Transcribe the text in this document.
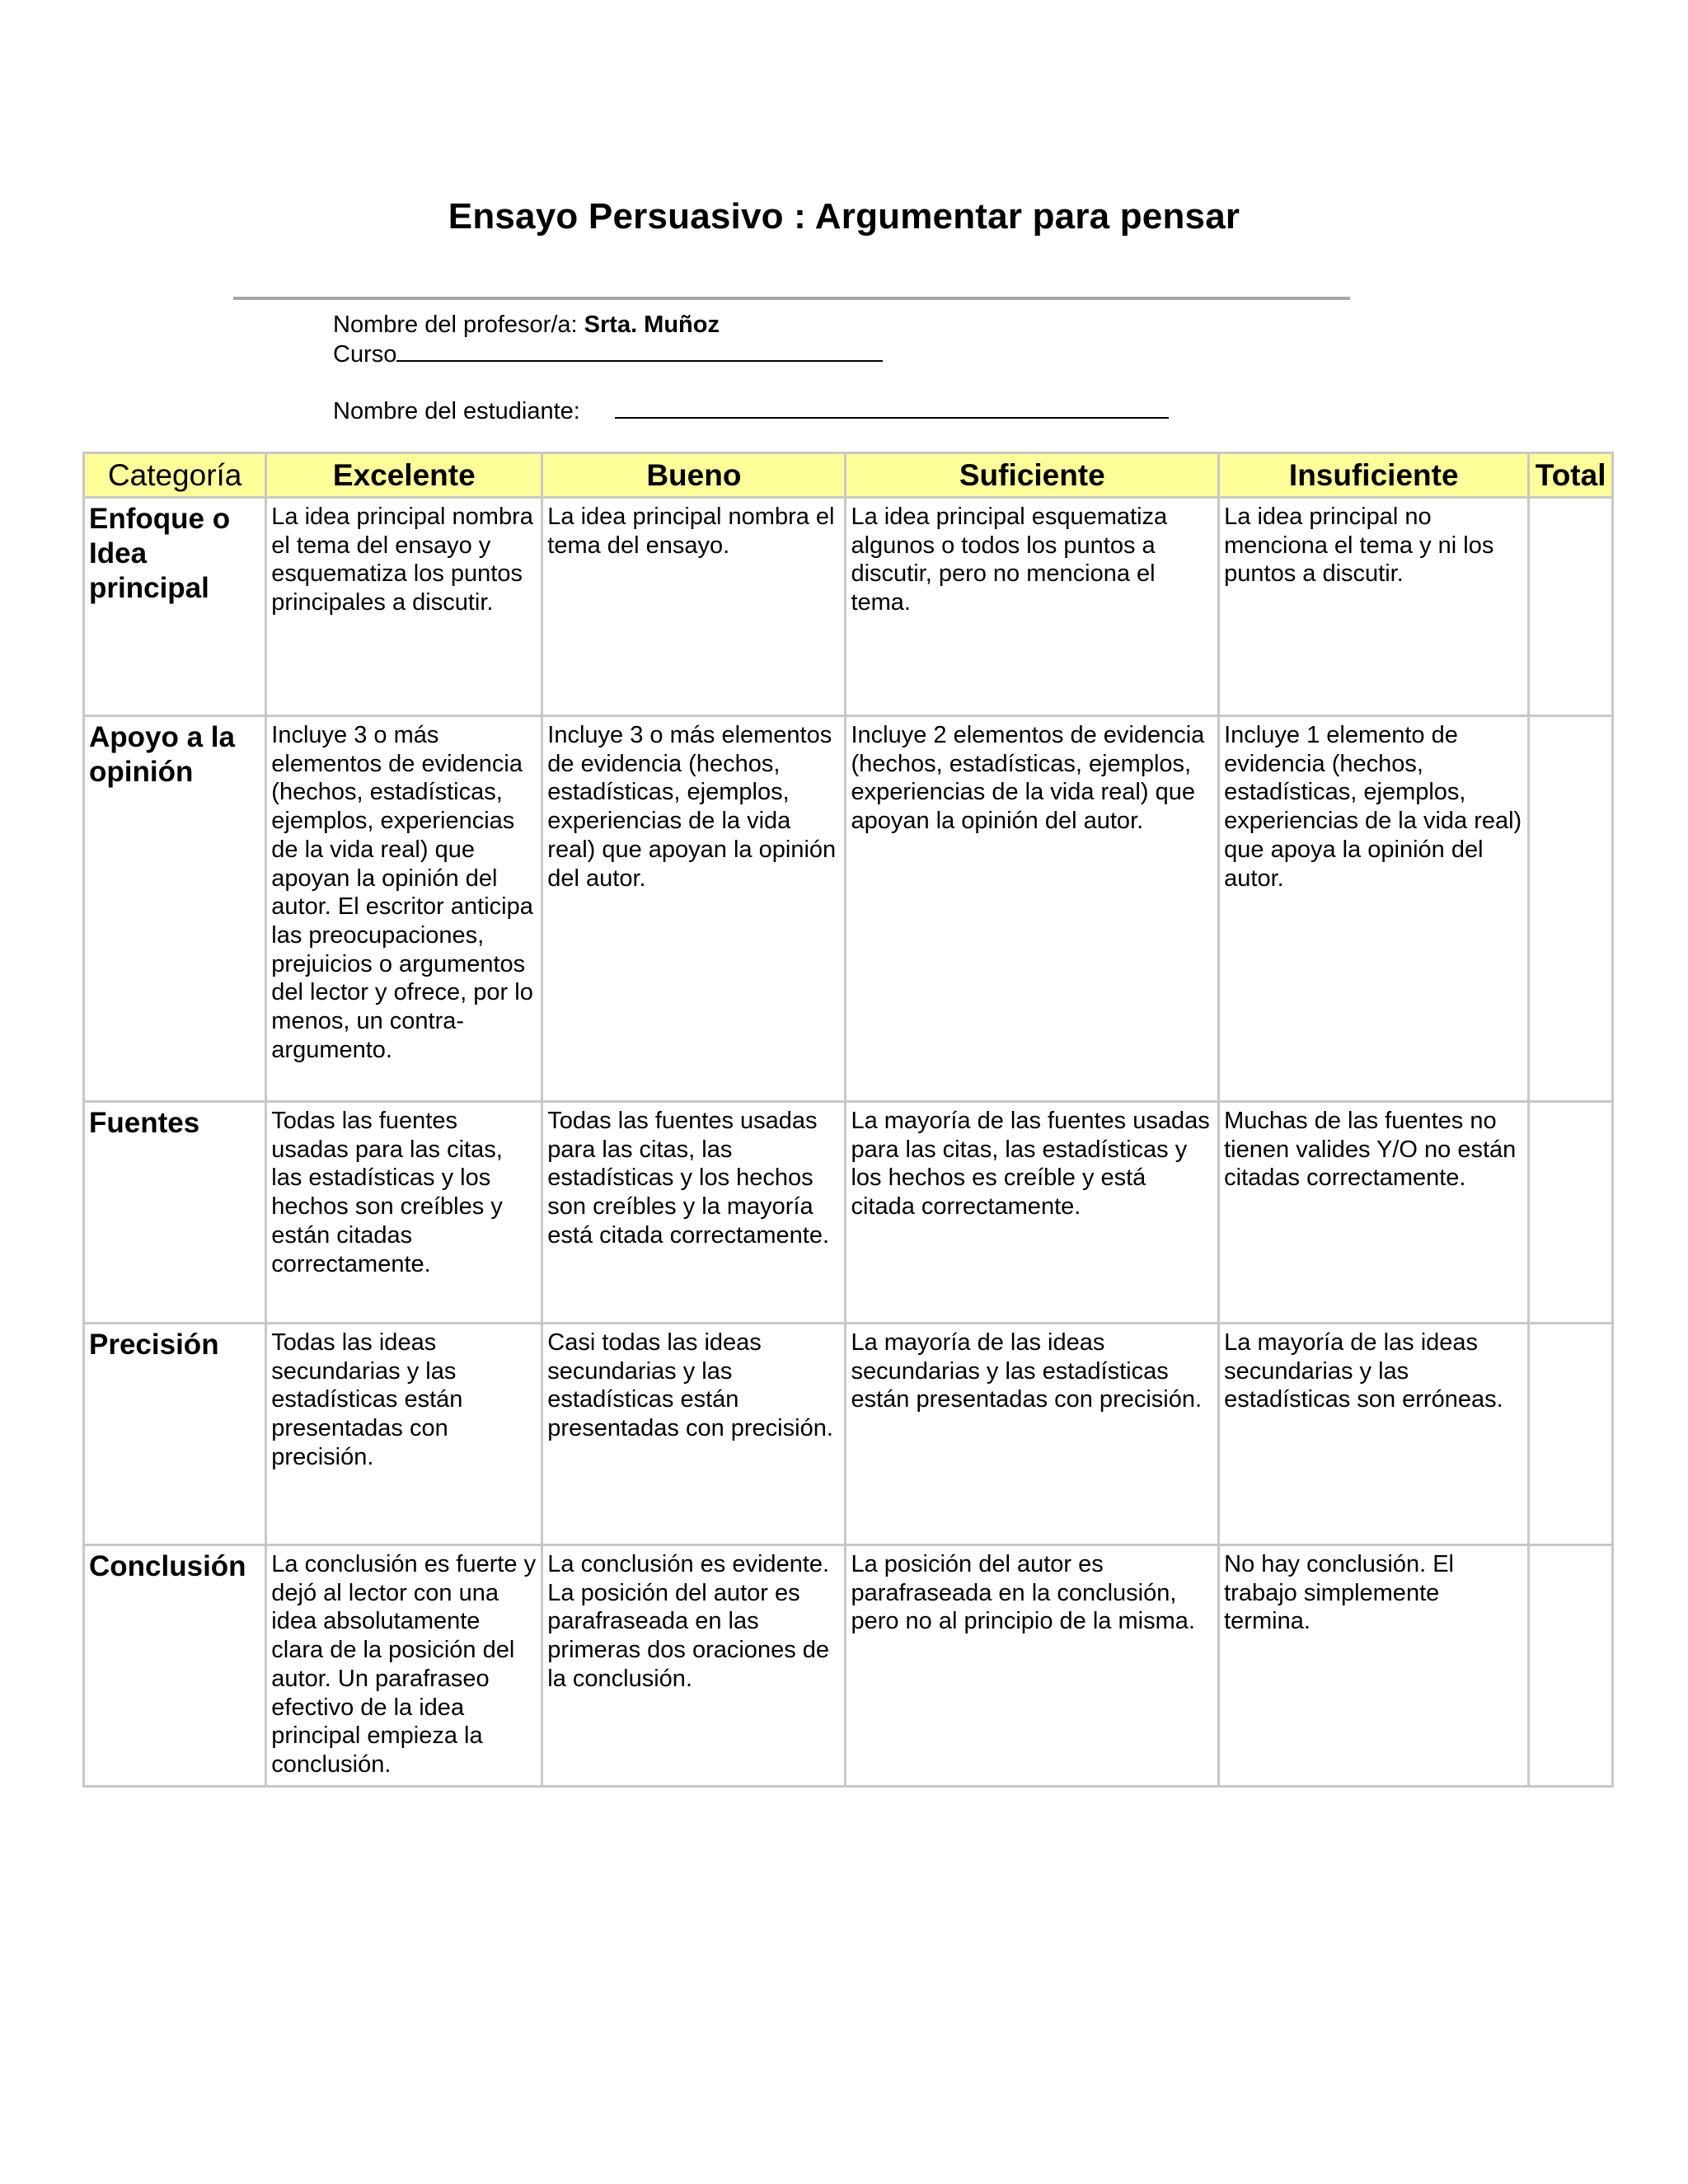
Ensayo Persuasivo : Argumentar para pensar
Nombre del profesor/a: Srta. Muñoz
Curso
Nombre del estudiante:
Categoría	Excelente	Bueno	Suficiente	Insuficiente	Total
Enfoque o Idea principal	La idea principal nombra el tema del ensayo y esquematiza los puntos principales a discutir.	La idea principal nombra el tema del ensayo.	La idea principal esquematiza algunos o todos los puntos a discutir, pero no menciona el tema.	La idea principal no menciona el tema y ni los puntos a discutir.	
Apoyo a la opinión	Incluye 3 o más elementos de evidencia (hechos, estadísticas, ejemplos, experiencias de la vida real) que apoyan la opinión del autor. El escritor anticipa las preocupaciones, prejuicios o argumentos del lector y ofrece, por lo menos, un contra-argumento.	Incluye 3 o más elementos de evidencia (hechos, estadísticas, ejemplos, experiencias de la vida real) que apoyan la opinión del autor.	Incluye 2 elementos de evidencia (hechos, estadísticas, ejemplos, experiencias de la vida real) que apoyan la opinión del autor.	Incluye 1 elemento de evidencia (hechos, estadísticas, ejemplos, experiencias de la vida real) que apoya la opinión del autor.	
Fuentes	Todas las fuentes usadas para las citas, las estadísticas y los hechos son creíbles y están citadas correctamente.	Todas las fuentes usadas para las citas, las estadísticas y los hechos son creíbles y la mayoría está citada correctamente.	La mayoría de las fuentes usadas para las citas, las estadísticas y los hechos es creíble y está citada correctamente.	Muchas de las fuentes no tienen valides Y/O no están citadas correctamente.	
Precisión	Todas las ideas secundarias y las estadísticas están presentadas con precisión.	Casi todas las ideas secundarias y las estadísticas están presentadas con precisión.	La mayoría de las ideas secundarias y las estadísticas están presentadas con precisión.	La mayoría de las ideas secundarias y las estadísticas son erróneas.	
Conclusión	La conclusión es fuerte y dejó al lector con una idea absolutamente clara de la posición del autor. Un parafraseo efectivo de la idea principal empieza la conclusión.	La conclusión es evidente. La posición del autor es parafraseada en las primeras dos oraciones de la conclusión.	La posición del autor es parafraseada en la conclusión, pero no al principio de la misma.	No hay conclusión. El trabajo simplemente termina.	
